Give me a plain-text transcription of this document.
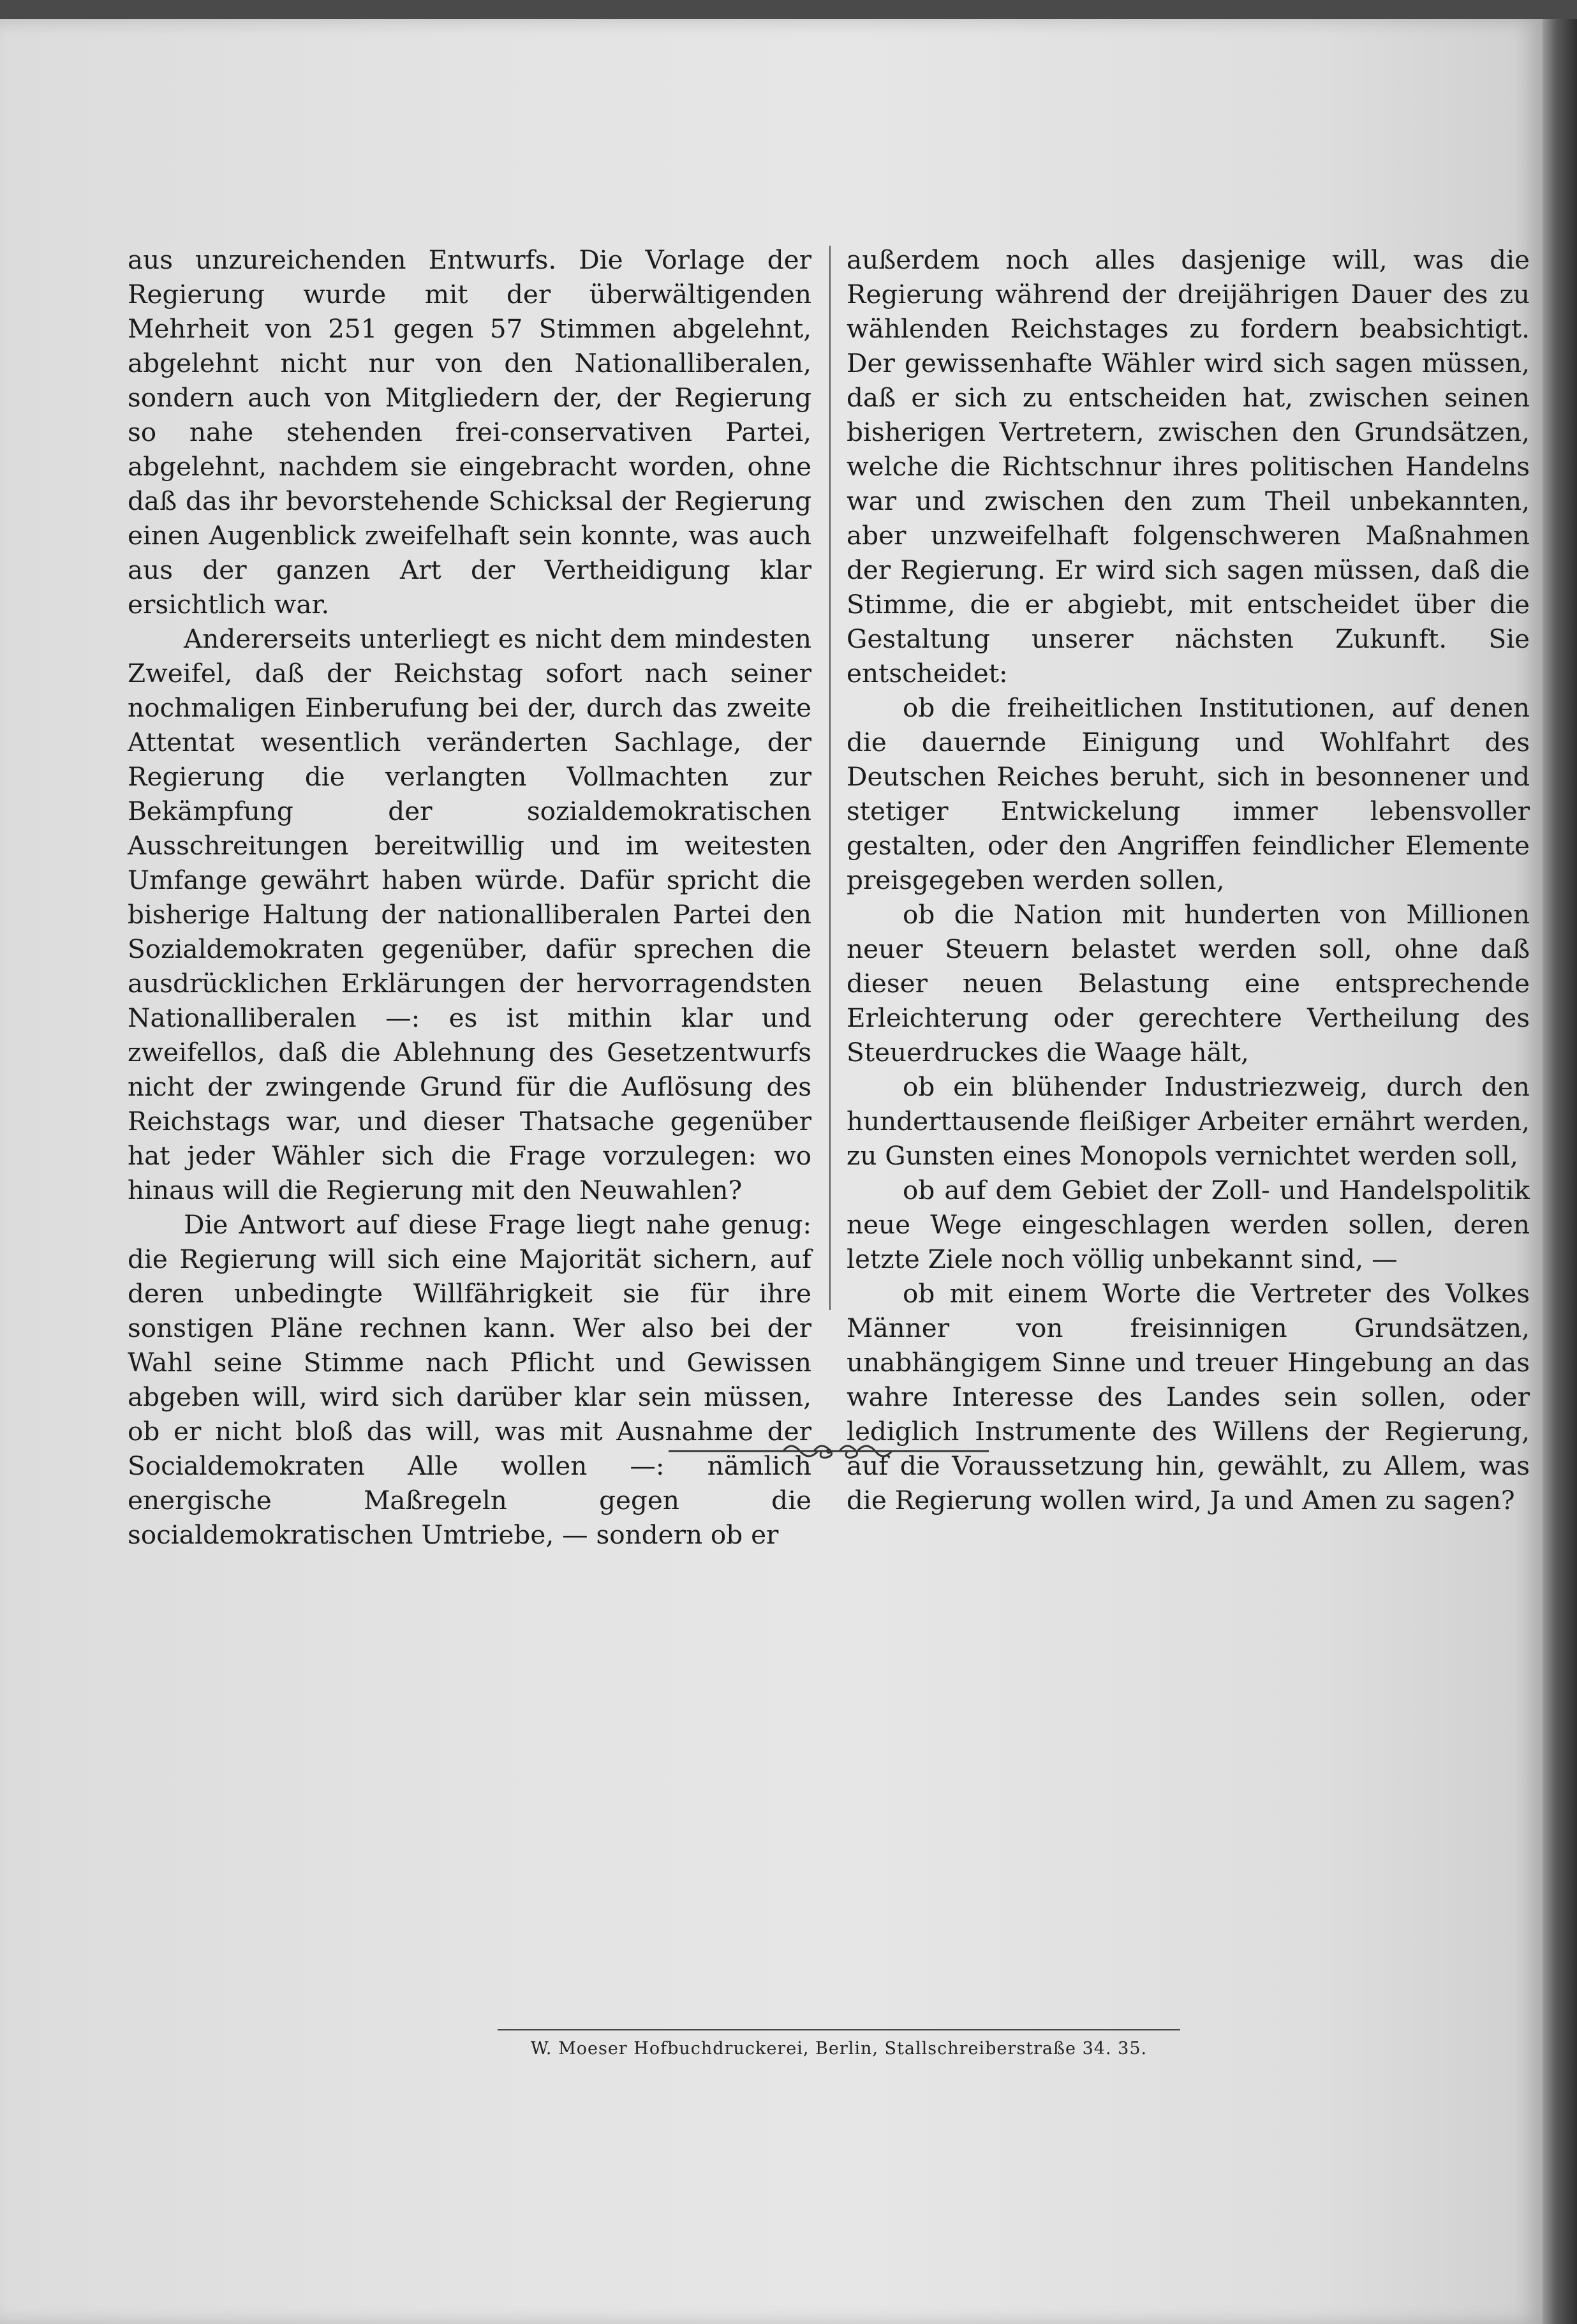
aus unzureichenden Entwurfs. Die Vorlage der Regierung wurde mit der überwältigenden Mehrheit von 251 gegen 57 Stimmen abgelehnt, abgelehnt nicht nur von den Nationalliberalen, sondern auch von Mitgliedern der, der Regierung so nahe stehenden frei-conservativen Partei, abgelehnt, nachdem sie eingebracht worden, ohne daß das ihr bevorstehende Schicksal der Regierung einen Augenblick zweifelhaft sein konnte, was auch aus der ganzen Art der Vertheidigung klar ersichtlich war.

Andererseits unterliegt es nicht dem mindesten Zweifel, daß der Reichstag sofort nach seiner nochmaligen Einberufung bei der, durch das zweite Attentat wesentlich veränderten Sachlage, der Regierung die verlangten Vollmachten zur Bekämpfung der sozialdemokratischen Ausschreitungen bereitwillig und im weitesten Umfange gewährt haben würde. Dafür spricht die bisherige Haltung der nationalliberalen Partei den Sozialdemokraten gegenüber, dafür sprechen die ausdrücklichen Erklärungen der hervorragendsten Nationalliberalen —: es ist mithin klar und zweifellos, daß die Ablehnung des Gesetzentwurfs nicht der zwingende Grund für die Auflösung des Reichstags war, und dieser Thatsache gegenüber hat jeder Wähler sich die Frage vorzulegen: wo hinaus will die Regierung mit den Neuwahlen?

Die Antwort auf diese Frage liegt nahe genug: die Regierung will sich eine Majorität sichern, auf deren unbedingte Willfährigkeit sie für ihre sonstigen Pläne rechnen kann. Wer also bei der Wahl seine Stimme nach Pflicht und Gewissen abgeben will, wird sich darüber klar sein müssen, ob er nicht bloß das will, was mit Ausnahme der Socialdemokraten Alle wollen —: nämlich energische Maßregeln gegen die socialdemokratischen Umtriebe, — sondern ob er

außerdem noch alles dasjenige will, was die Regierung während der dreijährigen Dauer des zu wählenden Reichstages zu fordern beabsichtigt. Der gewissenhafte Wähler wird sich sagen müssen, daß er sich zu entscheiden hat, zwischen seinen bisherigen Vertretern, zwischen den Grundsätzen, welche die Richtschnur ihres politischen Handelns war und zwischen den zum Theil unbekannten, aber unzweifelhaft folgenschweren Maßnahmen der Regierung. Er wird sich sagen müssen, daß die Stimme, die er abgiebt, mit entscheidet über die Gestaltung unserer nächsten Zukunft. Sie entscheidet:

ob die freiheitlichen Institutionen, auf denen die dauernde Einigung und Wohlfahrt des Deutschen Reiches beruht, sich in besonnener und stetiger Entwickelung immer lebensvoller gestalten, oder den Angriffen feindlicher Elemente preisgegeben werden sollen,

ob die Nation mit hunderten von Millionen neuer Steuern belastet werden soll, ohne daß dieser neuen Belastung eine entsprechende Erleichterung oder gerechtere Vertheilung des Steuerdruckes die Waage hält,

ob ein blühender Industriezweig, durch den hunderttausende fleißiger Arbeiter ernährt werden, zu Gunsten eines Monopols vernichtet werden soll,

ob auf dem Gebiet der Zoll- und Handelspolitik neue Wege eingeschlagen werden sollen, deren letzte Ziele noch völlig unbekannt sind, —

ob mit einem Worte die Vertreter des Volkes Männer von freisinnigen Grundsätzen, unabhängigem Sinne und treuer Hingebung an das wahre Interesse des Landes sein sollen, oder lediglich Instrumente des Willens der Regierung, auf die Voraussetzung hin, gewählt, zu Allem, was die Regierung wollen wird, Ja und Amen zu sagen?

W. Moeser Hofbuchdruckerei, Berlin, Stallschreiberstraße 34. 35.
